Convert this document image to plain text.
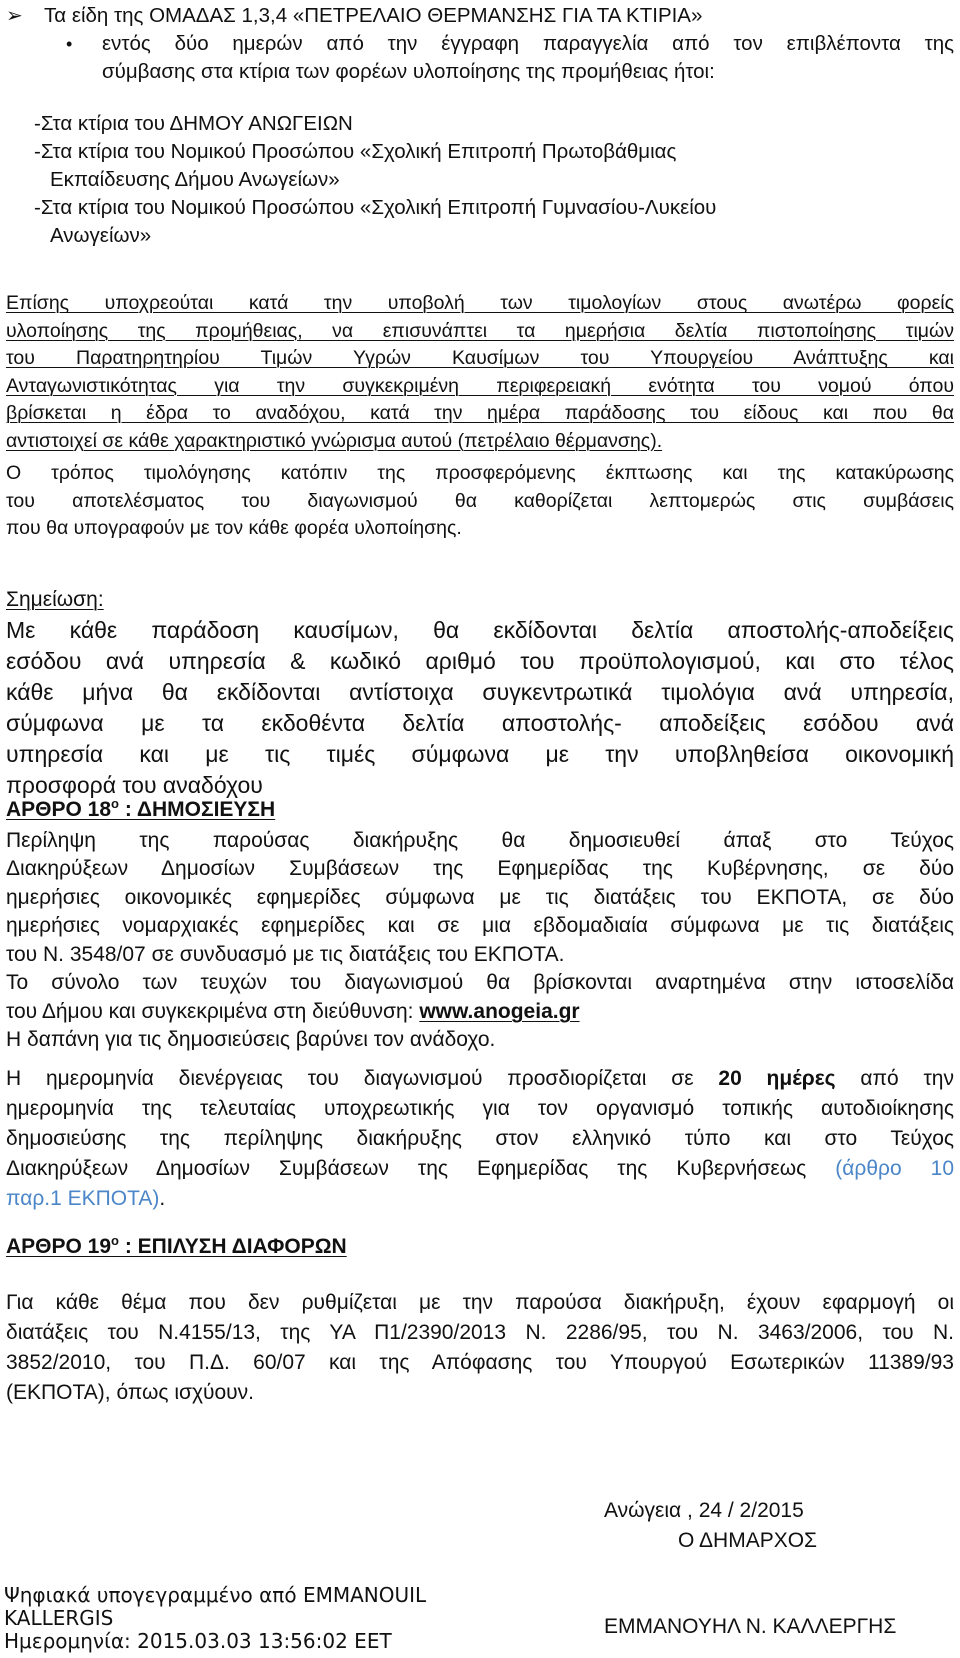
➢ Τα είδη της ΟΜΑΔΑΣ 1,3,4 «ΠΕΤΡΕΛΑΙΟ ΘΕΡΜΑΝΣΗΣ ΓΙΑ ΤΑ ΚΤΙΡΙΑ»
• εντός δύο ημερών από την έγγραφη παραγγελία από τον επιβλέποντα της
σύμβασης στα κτίρια των φορέων υλοποίησης της προμήθειας ήτοι:
-Στα κτίρια του ΔΗΜΟΥ ΑΝΩΓΕΙΩΝ
-Στα κτίρια του Νομικού Προσώπου «Σχολική Επιτροπή Πρωτοβάθμιας
Εκπαίδευσης Δήμου Ανωγείων»
-Στα κτίρια του Νομικού Προσώπου «Σχολική Επιτροπή Γυμνασίου-Λυκείου
Ανωγείων»
Επίσης υποχρεούται κατά την υποβολή των τιμολογίων στους ανωτέρω φορείς
υλοποίησης της προμήθειας, να επισυνάπτει τα ημερήσια δελτία πιστοποίησης τιμών
του Παρατηρητηρίου Τιμών Υγρών Καυσίμων του Υπουργείου Ανάπτυξης και
Ανταγωνιστικότητας για την συγκεκριμένη περιφερειακή ενότητα του νομού όπου
βρίσκεται η έδρα το αναδόχου, κατά την ημέρα παράδοσης του είδους και που θα
αντιστοιχεί σε κάθε χαρακτηριστικό γνώρισμα αυτού (πετρέλαιο θέρμανσης).
Ο τρόπος τιμολόγησης κατόπιν της προσφερόμενης έκπτωσης και της κατακύρωσης
του αποτελέσματος του διαγωνισμού θα καθορίζεται λεπτομερώς στις συμβάσεις
που θα υπογραφούν με τον κάθε φορέα υλοποίησης.
Σημείωση:
Με κάθε παράδοση καυσίμων, θα εκδίδονται δελτία αποστολής-αποδείξεις
εσόδου ανά υπηρεσία & κωδικό αριθμό του προϋπολογισμού, και στο τέλος
κάθε μήνα θα εκδίδονται αντίστοιχα συγκεντρωτικά τιμολόγια ανά υπηρεσία,
σύμφωνα με τα εκδοθέντα δελτία αποστολής- αποδείξεις εσόδου ανά
υπηρεσία και με τις τιμές σύμφωνα με την υποβληθείσα οικονομική
προσφορά του αναδόχου
ΑΡΘΡΟ $18^o$ : ΔΗΜΟΣΙΕΥΣΗ
Περίληψη της παρούσας διακήρυξης θα δημοσιευθεί άπαξ στο Τεύχος
Διακηρύξεων Δημοσίων Συμβάσεων της Εφημερίδας της Κυβέρνησης, σε δύο
ημερήσιες οικονομικές εφημερίδες σύμφωνα με τις διατάξεις του ΕΚΠΟΤΑ, σε δύο
ημερήσιες νομαρχιακές εφημερίδες και σε μια εβδομαδιαία σύμφωνα με τις διατάξεις
του Ν. 3548/07 σε συνδυασμό με τις διατάξεις του ΕΚΠΟΤΑ.
Το σύνολο των τευχών του διαγωνισμού θα βρίσκονται αναρτημένα στην ιστοσελίδα
του Δήμου και συγκεκριμένα στη διεύθυνση: www.anogeia.gr
Η δαπάνη για τις δημοσιεύσεις βαρύνει τον ανάδοχο.
Η ημερομηνία διενέργειας του διαγωνισμού προσδιορίζεται σε 20 ημέρες από την
ημερομηνία της τελευταίας υποχρεωτικής για τον οργανισμό τοπικής αυτοδιοίκησης
δημοσιεύσης της περίληψης διακήρυξης στον ελληνικό τύπο και στο Τεύχος
Διακηρύξεων Δημοσίων Συμβάσεων της Εφημερίδας της Κυβερνήσεως (άρθρο 10
παρ.1 ΕΚΠΟΤΑ).
ΑΡΘΡΟ $19^o$ : ΕΠΙΛΥΣΗ ΔΙΑΦΟΡΩΝ
Για κάθε θέμα που δεν ρυθμίζεται με την παρούσα διακήρυξη, έχουν εφαρμογή οι
διατάξεις του Ν.4155/13, της ΥΑ Π1/2390/2013 Ν. 2286/95, του Ν. 3463/2006, του Ν.
3852/2010, του Π.Δ. 60/07 και της Απόφασης του Υπουργού Εσωτερικών 11389/93
(ΕΚΠΟΤΑ), όπως ισχύουν.
Ανώγεια , 24 / 2/2015
Ο ΔΗΜΑΡΧΟΣ
Ψηφιακά υπογεγραμμένο από EMMANOUIL
KALLERGIS
Ημερομηνία: 2015.03.03 13:56:02 EET
ΕΜΜΑΝΟΥΗΛ Ν. ΚΑΛΛΕΡΓΗΣ
